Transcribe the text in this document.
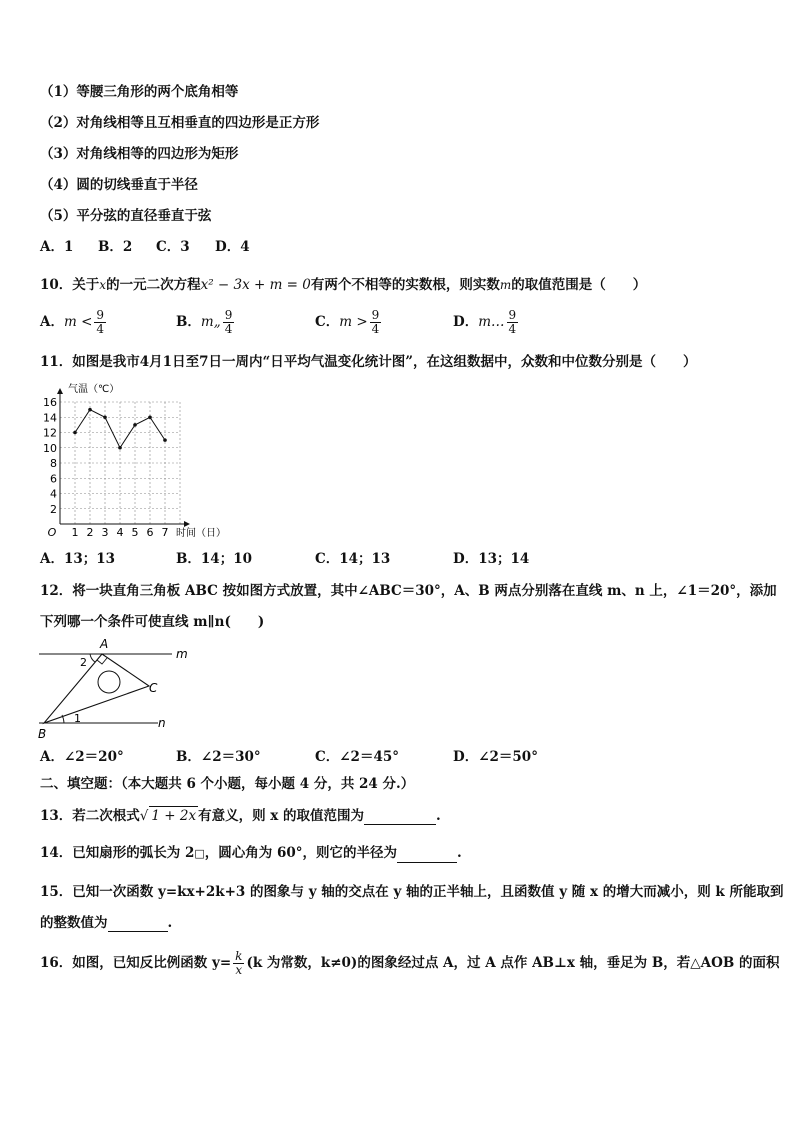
（1）等腰三角形的两个底角相等
（2）对角线相等且互相垂直的四边形是正方形
（3）对角线相等的四边形为矩形
（4）圆的切线垂直于半径
（5）平分弦的直径垂直于弦
A．1 B．2 C．3 D．4
10．关于x的一元二次方程x² − 3x + m = 0有两个不相等的实数根，则实数m的取值范围是（　　）
A．$m < \frac{9}{4}$	B．m„ $\frac{9}{4}$	C．$m > \frac{9}{4}$	D．m… $\frac{9}{4}$
11．如图是我市4月1日至7日一周内“日平均气温变化统计图”，在这组数据中，众数和中位数分别是（　　）
2
4
6
8
10
12
14
16
1 2 3 4 5 6 7
O
气温（℃）
时间（日）
A．13；13	B．14；10	C．14；13	D．13；14
12．将一块直角三角板 ABC 按如图方式放置，其中∠ABC＝30°，A、B 两点分别落在直线 m、n 上，∠1＝20°，添加
下列哪一个条件可使直线 m∥n(　　)
A
B
C
m
n
1
2
A．∠2＝20°	B．∠2＝30°	C．∠2＝45°	D．∠2＝50°
二、填空题：（本大题共 6 个小题，每小题 4 分，共 24 分.）
13．若二次根式√ 1 + 2x 有意义，则 x 的取值范围为	.
14．已知扇形的弧长为 2□，圆心角为 60°，则它的半径为	.
15．已知一次函数 y=kx+2k+3 的图象与 y 轴的交点在 y 轴的正半轴上，且函数值 y 随 x 的增大而减小，则 k 所能取到
的整数值为	.
16．如图，已知反比例函数 $y= \frac{k}{x} (k$ 为常数，k≠0)的图象经过点 A，过 A 点作 AB⊥x 轴，垂足为 B，若△AOB 的面积
